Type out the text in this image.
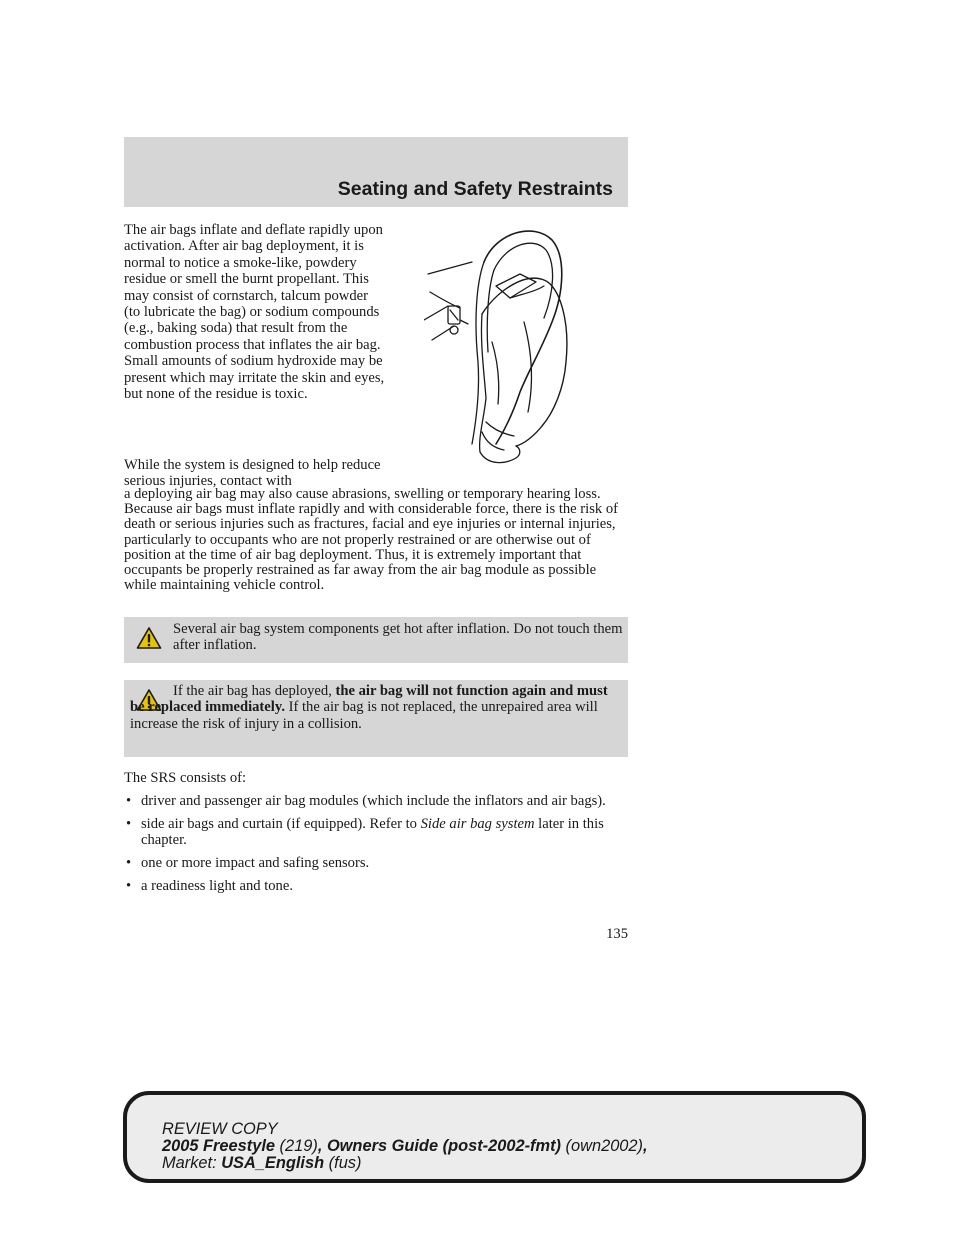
Seating and Safety Restraints

The air bags inflate and deflate rapidly upon activation. After air bag deployment, it is normal to notice a smoke-like, powdery residue or smell the burnt propellant. This may consist of cornstarch, talcum powder (to lubricate the bag) or sodium compounds (e.g., baking soda) that result from the combustion process that inflates the air bag. Small amounts of sodium hydroxide may be present which may irritate the skin and eyes, but none of the residue is toxic.

While the system is designed to help reduce serious injuries, contact with

a deploying air bag may also cause abrasions, swelling or temporary hearing loss. Because air bags must inflate rapidly and with considerable force, there is the risk of death or serious injuries such as fractures, facial and eye injuries or internal injuries, particularly to occupants who are not properly restrained or are otherwise out of position at the time of air bag deployment. Thus, it is extremely important that occupants be properly restrained as far away from the air bag module as possible while maintaining vehicle control.

Several air bag system components get hot after inflation. Do not touch them after inflation.

If the air bag has deployed, the air bag will not function again and must be replaced immediately. If the air bag is not replaced, the unrepaired area will increase the risk of injury in a collision.

The SRS consists of:

• driver and passenger air bag modules (which include the inflators and air bags).
• side air bags and curtain (if equipped). Refer to Side air bag system later in this chapter.
• one or more impact and safing sensors.
• a readiness light and tone.
135
REVIEW COPY
2005 Freestyle (219), Owners Guide (post-2002-fmt) (own2002),
Market: USA_English (fus)
